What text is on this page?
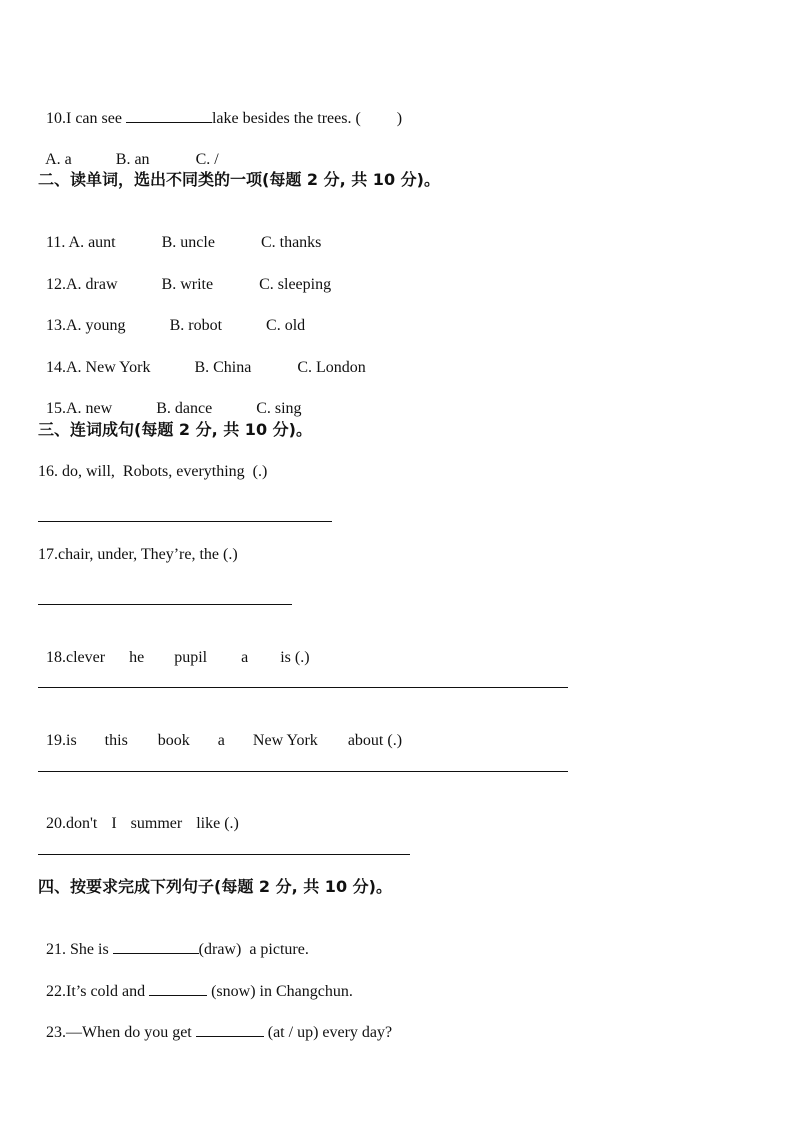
10.I can see	lake besides the trees. ( )

A. a	B. an	C. /

二、读单词，选出不同类的一项(每题 2 分, 共 10 分)。

11. A. aunt	B. uncle	C. thanks

12.A. draw	B. write	C. sleeping

13.A. young	B. robot	C. old

14.A. New York	B. China	C. London

15.A. new	B. dance	C. sing

三、连词成句(每题 2 分, 共 10 分)。
16. do, will,  Robots, everything  (.)
17.chair, under, They’re, the (.)

18.clever he pupil a is (.)

19.is this book a New York about (.)

20.don't I summer like (.)

四、按要求完成下列句子(每题 2 分, 共 10 分)。

21. She is	(draw)  a picture.

22.It’s cold and	(snow) in Changchun.

23.—When do you get	(at / up) every day?
